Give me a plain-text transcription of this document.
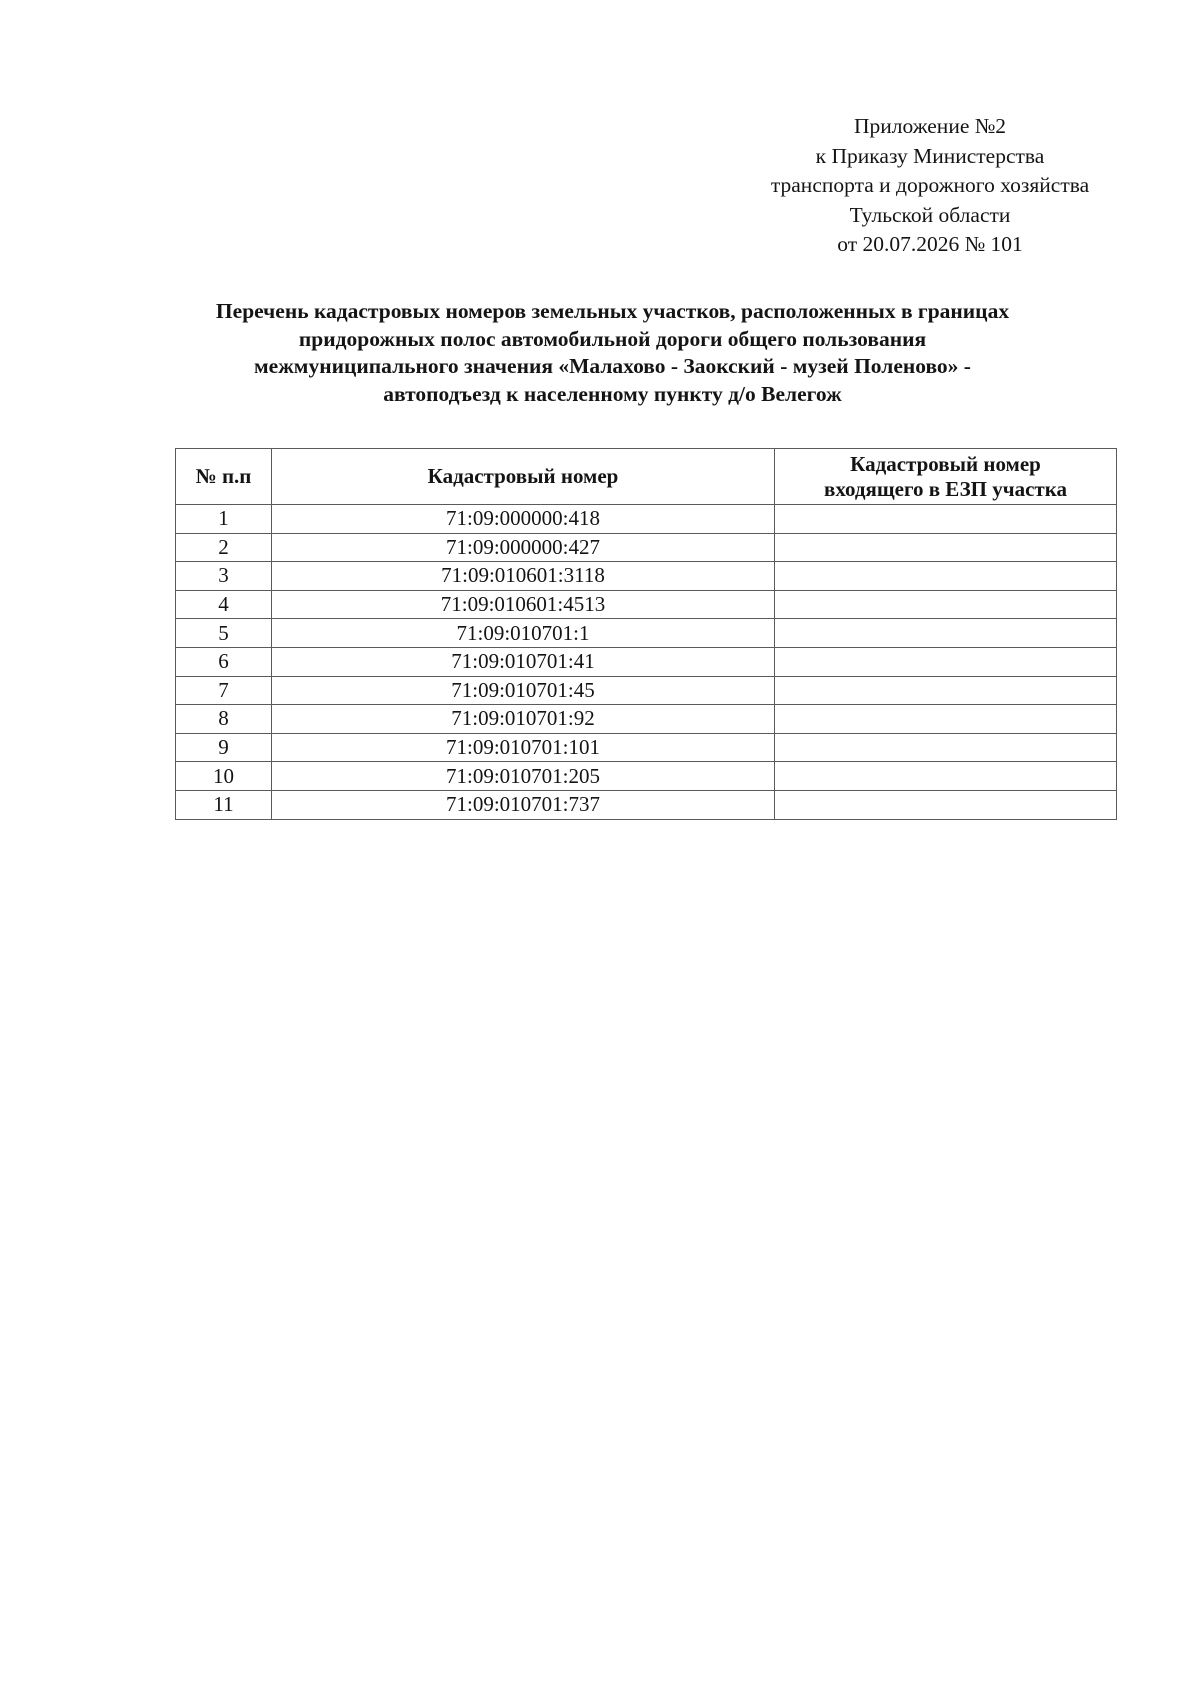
Приложение №2
к Приказу Министерства
транспорта и дорожного хозяйства
Тульской области
от 20.07.2026 № 101
Перечень кадастровых номеров земельных участков, расположенных в границах
придорожных полос автомобильной дороги общего пользования
межмуниципального значения «Малахово - Заокский - музей Поленово» -
автоподъезд к населенному пункту д/о Велегож
№ п.п	Кадастровый номер	Кадастровый номер
входящего в ЕЗП участка

1	71:09:000000:418	
2	71:09:000000:427	
3	71:09:010601:3118	
4	71:09:010601:4513	
5	71:09:010701:1	
6	71:09:010701:41	
7	71:09:010701:45	
8	71:09:010701:92	
9	71:09:010701:101	
10	71:09:010701:205	
11	71:09:010701:737	
